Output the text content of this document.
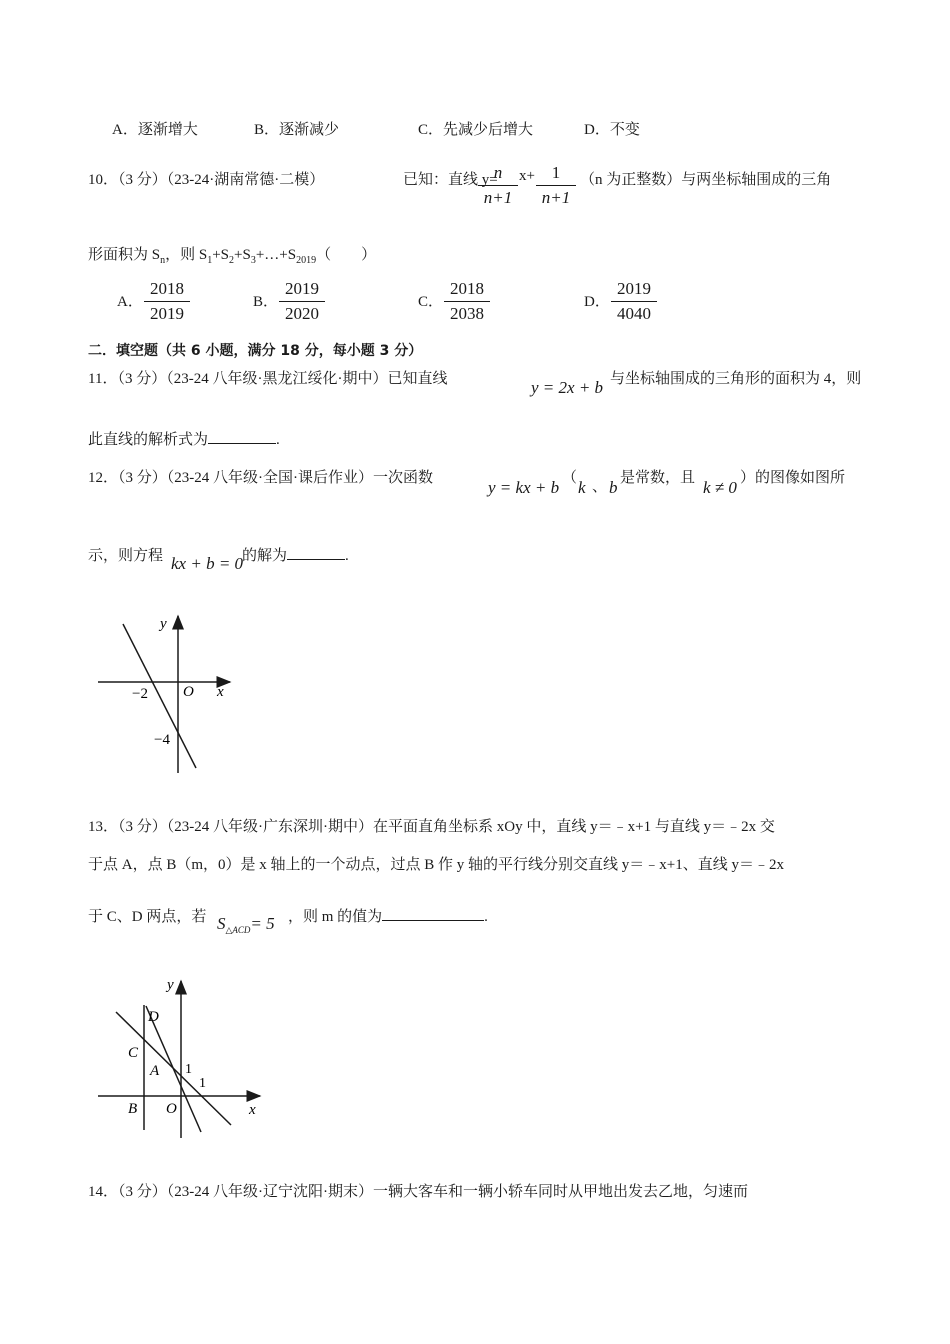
A．逐渐增大	B．逐渐减少	C．先减少后增大	D．不变
10．（3 分）（23-24·湖南常德·二模）	已知：直线 y=
$\frac{n}{n+1} x+ \frac{1}{n+1} (n$ 为正整数）与两坐标轴围成的三角
形面积为 $S_n$，则 $S_1+S_2+S_3+\dots+S_{2019}$（　　）
A． $\frac{2018}{2019}$	B． $\frac{2019}{2020}$	C． $\frac{2018}{2038}$	D． $\frac{2019}{4040}$
二．填空题（共 6 小题，满分 18 分，每小题 3 分）
11．（3 分）（23-24 八年级·黑龙江绥化·期中）已知直线	y = 2x + b 与坐标轴围成的三角形的面积为 4，则
此直线的解析式为	.
12．（3 分）（23-24 八年级·全国·课后作业）一次函数	y = kx + b （ k 、 b 是常数，且 k ≠ 0 ）的图像如图所
示，则方程 kx + b = 0
的解为	.
y
x
O
−2
−4
13．（3 分）（23-24 八年级·广东深圳·期中）在平面直角坐标系 xOy 中，直线 y＝﹣x+1 与直线 y＝﹣2x 交
于点 A，点 B（m，0）是 x 轴上的一个动点，过点 B 作 y 轴的平行线分别交直线 y＝﹣x+1、直线 y＝﹣2x
于 C、D 两点，若 $S_{\triangle ACD}= 5$ ，则 m 的值为	.
y
x
O
D
C
A
B
1
1
14．（3 分）（23-24 八年级·辽宁沈阳·期末）一辆大客车和一辆小轿车同时从甲地出发去乙地，匀速而
